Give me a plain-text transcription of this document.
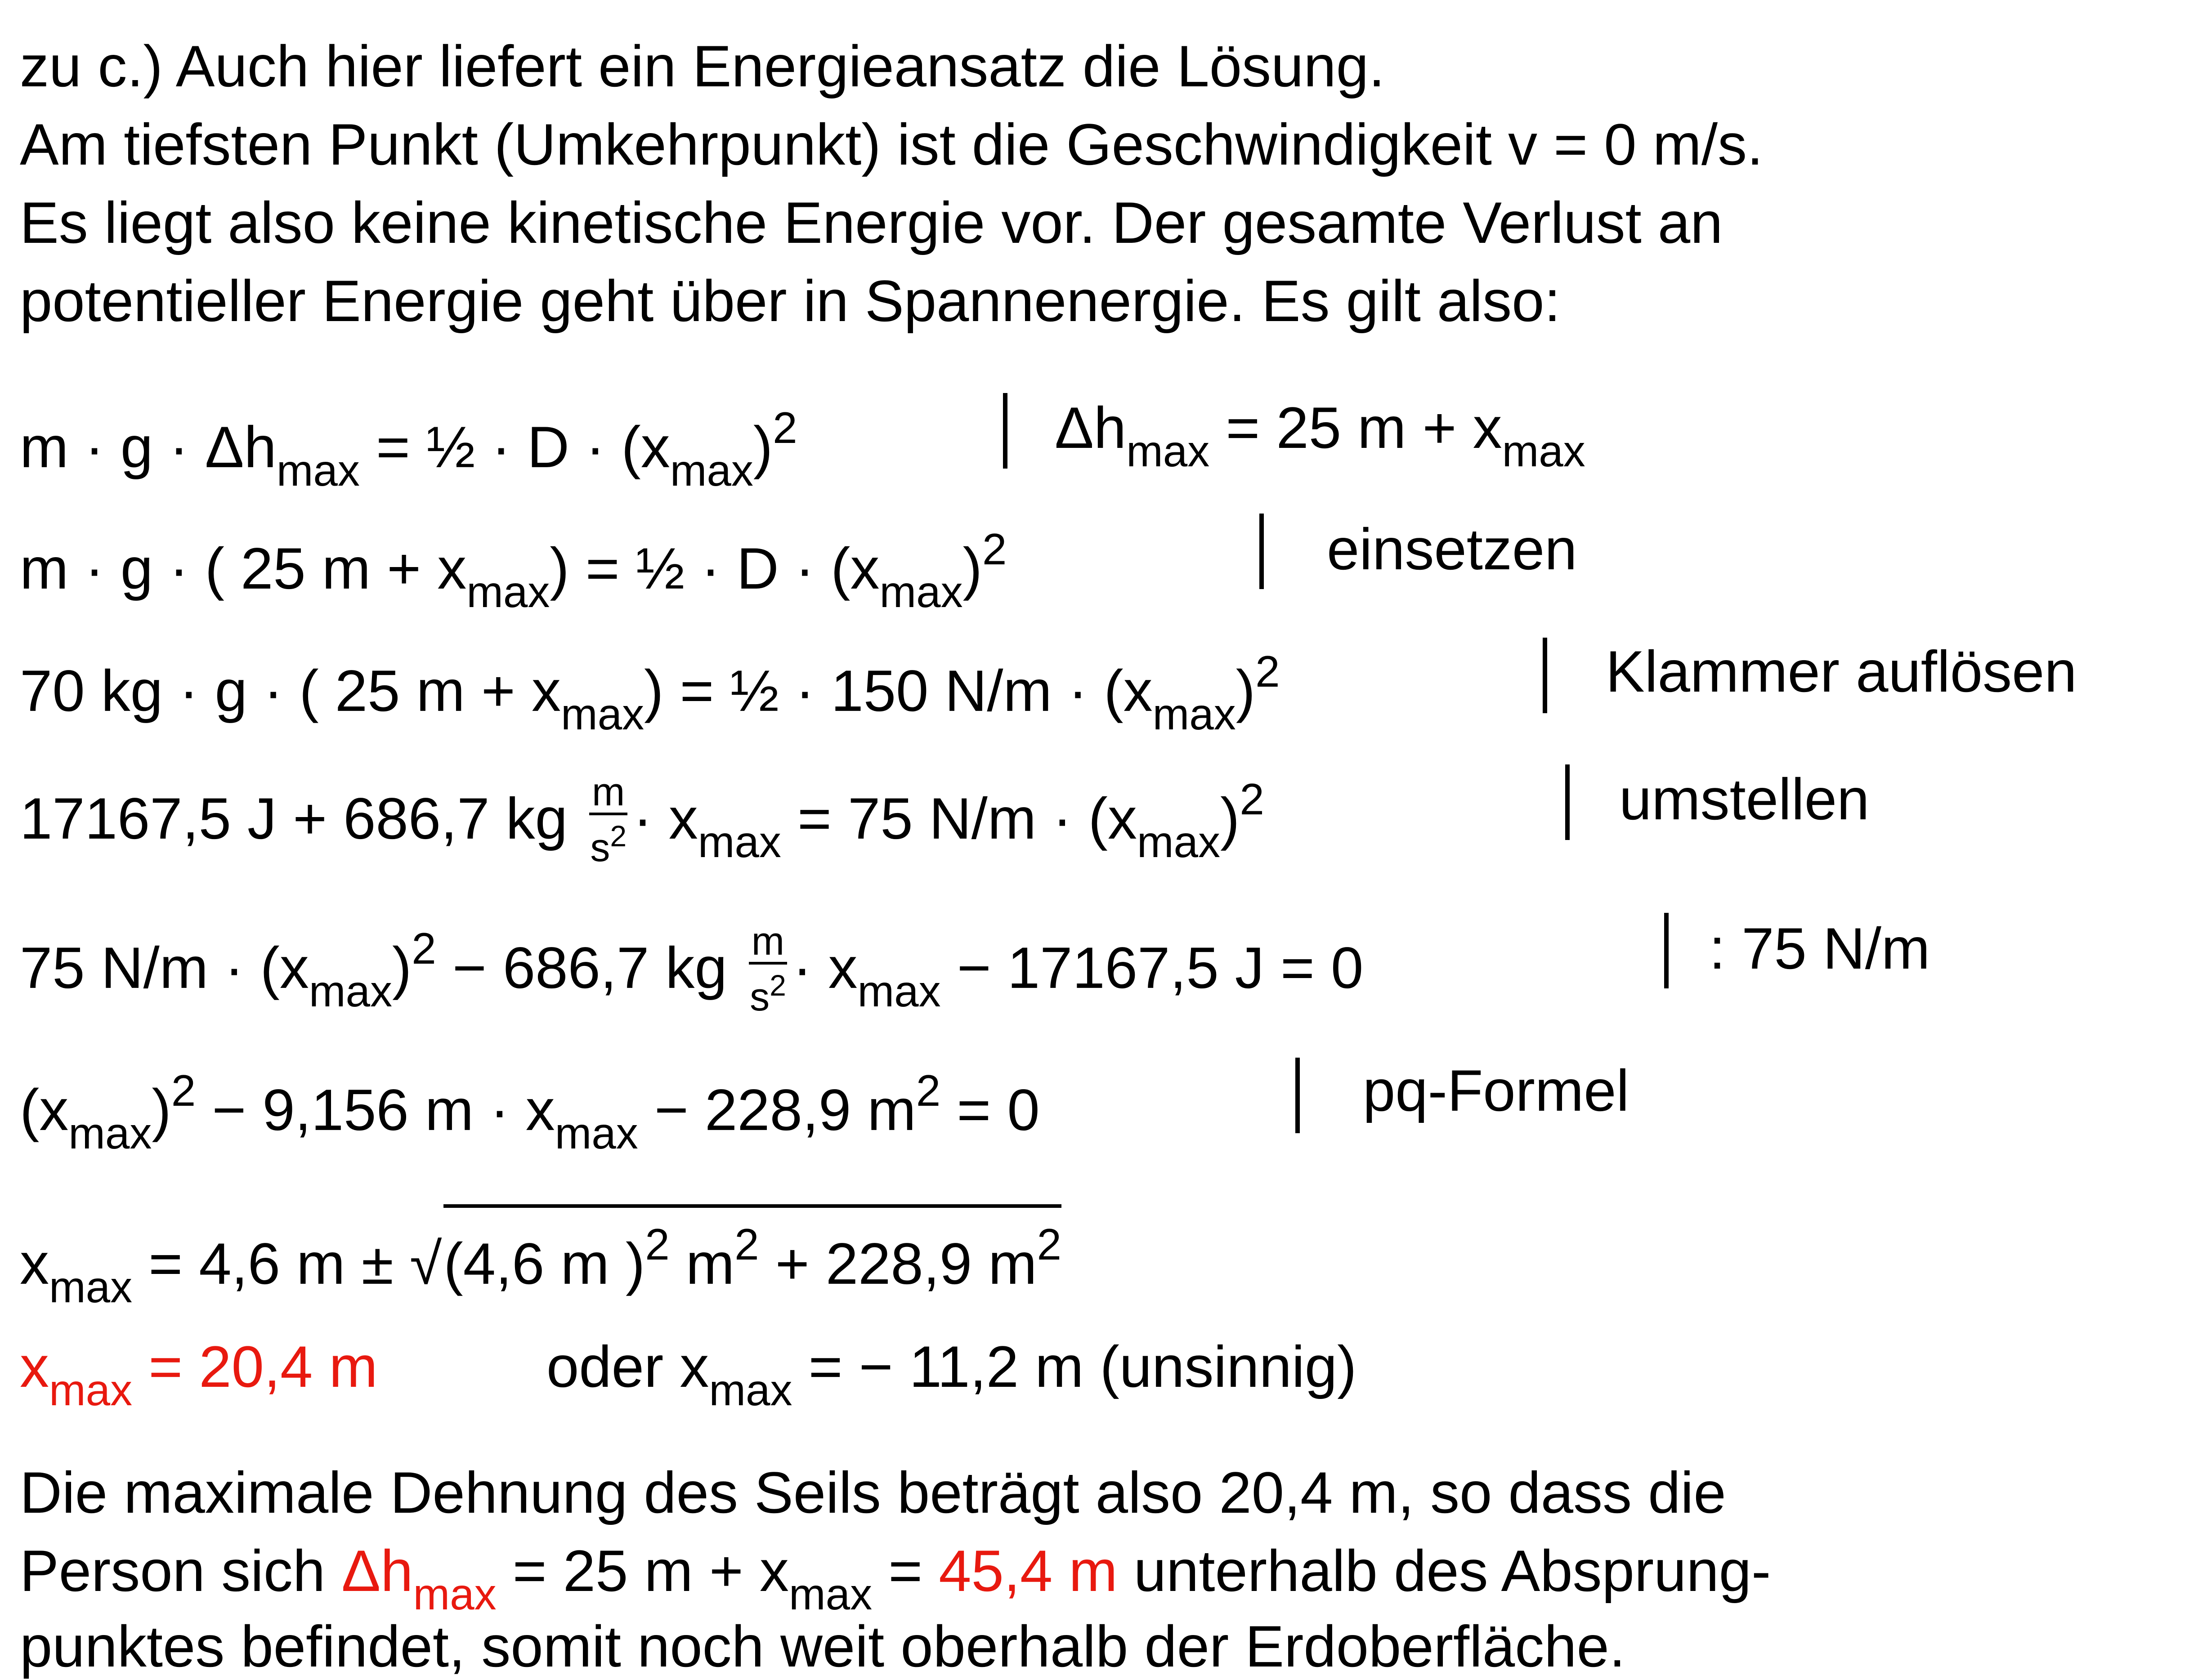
zu c.) Auch hier liefert ein Energieansatz die Lösung.
Am tiefsten Punkt (Umkehrpunkt) ist die Geschwindigkeit v = 0 m/s.
Es liegt also keine kinetische Energie vor. Der gesamte Verlust an
potentieller Energie geht über in Spannenergie. Es gilt also:
$m \cdot g \cdot \Delta h_{max}$ = ½ · $D \cdot (x_{max})^2$	$\Delta h_{max} = 25$ $m + x_{max}$
m · g · ( 25 $m + x_{max}$) = ½ · $D \cdot (x_{max})^2$	einsetzen
70 kg · g · ( 25 $m + x_{max}$) = ½ · 150 $N/m \cdot (x_{max})^2$	Klammer auflösen
17167,5 J + 686,7 kg $\frac{m}{s^2} \cdot x_{max} = 75$ $N/m \cdot (x_{max})^2$	umstellen
75 $N/m \cdot (x_{max})^2 - 686,7$ kg $\frac{m}{s^2} \cdot x_{max} - 17167,5$ J = 0	: 75 N/m
$(x_{max})^2 - 9,156$ $m \cdot x_{max} - 228,9$ $m^2 = 0$	pq-Formel
$x_{max} = 4,6$ m ± √(4,6 m )$^2$ $m^2 + 228,9$ $m^2$
$x_{max} = 20,4$ m	oder $x_{max}$ = − 11,2 m (unsinnig)
Die maximale Dehnung des Seils beträgt also 20,4 m, so dass die
Person sich $\Delta h_{max} = 25$ $m + x_{max} = 45,4$ m unterhalb des Absprung-
punktes befindet, somit noch weit oberhalb der Erdoberfläche.
